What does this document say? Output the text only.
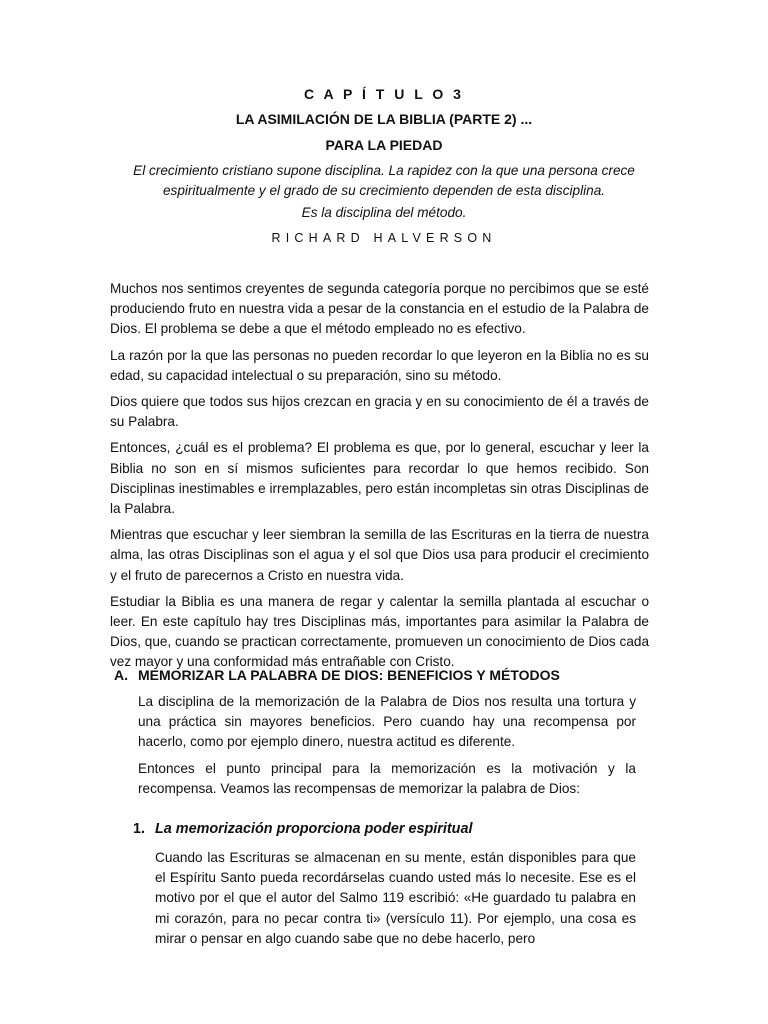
C A P Í T U L O 3
LA ASIMILACIÓN DE LA BIBLIA (PARTE 2) ...
PARA LA PIEDAD
El crecimiento cristiano supone disciplina. La rapidez con la que una persona crece espiritualmente y el grado de su crecimiento dependen de esta disciplina.
Es la disciplina del método.
RICHARD HALVERSON

Muchos nos sentimos creyentes de segunda categoría porque no percibimos que se esté produciendo fruto en nuestra vida a pesar de la constancia en el estudio de la Palabra de Dios. El problema se debe a que el método empleado no es efectivo.

La razón por la que las personas no pueden recordar lo que leyeron en la Biblia no es su edad, su capacidad intelectual o su preparación, sino su método.

Dios quiere que todos sus hijos crezcan en gracia y en su conocimiento de él a través de su Palabra.

Entonces, ¿cuál es el problema? El problema es que, por lo general, escuchar y leer la Biblia no son en sí mismos suficientes para recordar lo que hemos recibido. Son Disciplinas inestimables e irremplazables, pero están incompletas sin otras Disciplinas de la Palabra.

Mientras que escuchar y leer siembran la semilla de las Escrituras en la tierra de nuestra alma, las otras Disciplinas son el agua y el sol que Dios usa para producir el crecimiento y el fruto de parecernos a Cristo en nuestra vida.

Estudiar la Biblia es una manera de regar y calentar la semilla plantada al escuchar o leer. En este capítulo hay tres Disciplinas más, importantes para asimilar la Palabra de Dios, que, cuando se practican correctamente, promueven un conocimiento de Dios cada vez mayor y una conformidad más entrañable con Cristo.

A. MEMORIZAR LA PALABRA DE DIOS: BENEFICIOS Y MÉTODOS

La disciplina de la memorización de la Palabra de Dios nos resulta una tortura y una práctica sin mayores beneficios. Pero cuando hay una recompensa por hacerlo, como por ejemplo dinero, nuestra actitud es diferente.

Entonces el punto principal para la memorización es la motivación y la recompensa. Veamos las recompensas de memorizar la palabra de Dios:

1. La memorización proporciona poder espiritual

Cuando las Escrituras se almacenan en su mente, están disponibles para que el Espíritu Santo pueda recordárselas cuando usted más lo necesite. Ese es el motivo por el que el autor del Salmo 119 escribió: «He guardado tu palabra en mi corazón, para no pecar contra ti» (versículo 11). Por ejemplo, una cosa es mirar o pensar en algo cuando sabe que no debe hacerlo, pero
